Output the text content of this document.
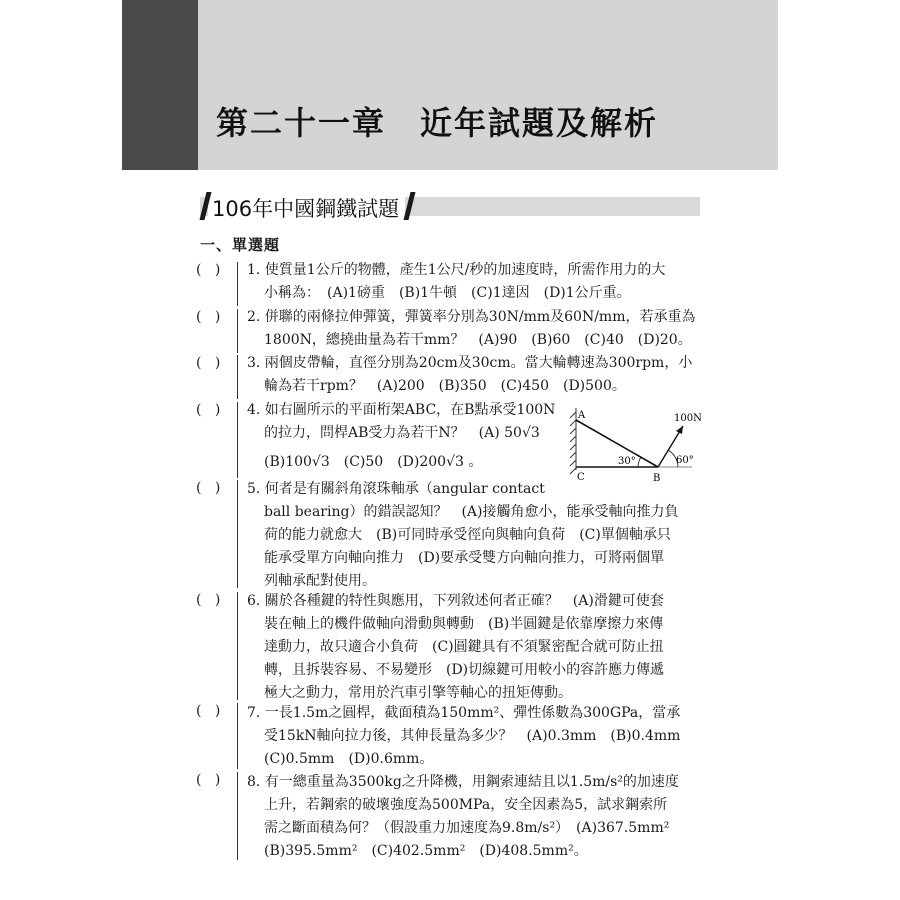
第二十一章　近年試題及解析
106年中國鋼鐵試題
一、單選題
(   )
(   )
(   )
(   )
(   )
(   )
(   )
(   )

1. 使質量1公斤的物體，產生1公尺/秒的加速度時，所需作用力的大

小稱為：　(A)1磅重　(B)1牛頓　(C)1達因　(D)1公斤重。

2. 併聯的兩條拉伸彈簧，彈簧率分別為30N/mm及60N/mm，若承重為

1800N，總撓曲量為若干mm？　(A)90　(B)60　(C)40　(D)20。

3. 兩個皮帶輪，直徑分別為20cm及30cm。當大輪轉速為300rpm，小

輪為若干rpm？　(A)200　(B)350　(C)450　(D)500。

4. 如右圖所示的平面桁架ABC，在B點承受100N

的拉力，問桿AB受力為若干N？　(A) 50√3

(B)100√3　(C)50　(D)200√3 。

5. 何者是有關斜角滾珠軸承（angular contact

ball bearing）的錯誤認知？　(A)接觸角愈小，能承受軸向推力負

荷的能力就愈大　(B)可同時承受徑向與軸向負荷　(C)單個軸承只

能承受單方向軸向推力　(D)要承受雙方向軸向推力，可將兩個單

列軸承配對使用。

6. 關於各種鍵的特性與應用，下列敘述何者正確？　(A)滑鍵可使套

裝在軸上的機件做軸向滑動與轉動　(B)半圓鍵是依靠摩擦力來傳

達動力，故只適合小負荷　(C)圓鍵具有不須緊密配合就可防止扭

轉，且拆裝容易、不易變形　(D)切線鍵可用較小的容許應力傳遞

極大之動力，常用於汽車引擎等軸心的扭矩傳動。

7. 一長1.5m之圓桿，截面積為150mm²、彈性係數為300GPa，當承

受15kN軸向拉力後，其伸長量為多少？　(A)0.3mm　(B)0.4mm

(C)0.5mm　(D)0.6mm。

8. 有一總重量為3500kg之升降機，用鋼索連結且以1.5m/s²的加速度

上升，若鋼索的破壞強度為500MPa，安全因素為5，試求鋼索所

需之斷面積為何？（假設重力加速度為9.8m/s²）　(A)367.5mm²

(B)395.5mm²　(C)402.5mm²　(D)408.5mm²。

A
C	B
100N
30°	60°
